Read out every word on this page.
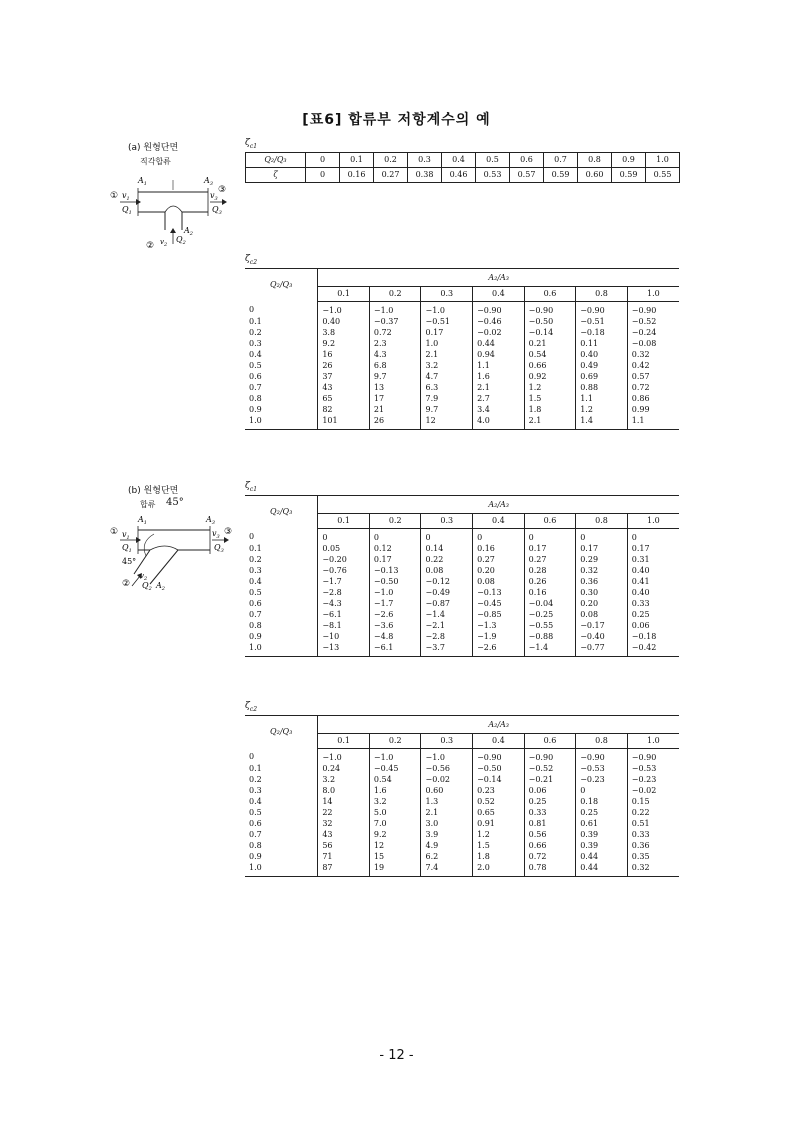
[표6] 합류부 저항계수의 예
(a) 원형단면
직각합류
$A_1$	$A_3$
① $v_1$
$Q_1$
$v_3$
③
$Q_3$
$A_2$
② $v_2$
$Q_2$
$\zeta_{c1}$
Q₂/Q₃	0	0.1	0.2	0.3	0.4	0.5	0.6	0.7	0.8	0.9	1.0
ζ	0	0.16	0.27	0.38	0.46	0.53	0.57	0.59	0.60	0.59	0.55
$\zeta_{c2}$
Q₂/Q₃	A₂/A₃						
	0.1	0.2	0.3	0.4	0.6	0.8	1.0
0	−1.0	−1.0	−1.0	−0.90	−0.90	−0.90	−0.90
0.1	0.40	−0.37	−0.51	−0.46	−0.50	−0.51	−0.52
0.2	3.8	0.72	0.17	−0.02	−0.14	−0.18	−0.24
0.3	9.2	2.3	1.0	0.44	0.21	0.11	−0.08
0.4	16	4.3	2.1	0.94	0.54	0.40	0.32
0.5	26	6.8	3.2	1.1	0.66	0.49	0.42
0.6	37	9.7	4.7	1.6	0.92	0.69	0.57
0.7	43	13	6.3	2.1	1.2	0.88	0.72
0.8	65	17	7.9	2.7	1.5	1.1	0.86
0.9	82	21	9.7	3.4	1.8	1.2	0.99
1.0	101	26	12	4.0	2.1	1.4	1.1
(b) 원형단면
합류 45°
$A_1$	$A_3$
① $v_1$
$Q_1$
$v_3$ ③
$Q_3$
45°
$v_2$
② $Q_2$ $A_2$
$\zeta_{c1}$
Q₂/Q₃	A₂/A₃						
	0.1	0.2	0.3	0.4	0.6	0.8	1.0
0	0	0	0	0	0	0	0
0.1	0.05	0.12	0.14	0.16	0.17	0.17	0.17
0.2	−0.20	0.17	0.22	0.27	0.27	0.29	0.31
0.3	−0.76	−0.13	0.08	0.20	0.28	0.32	0.40
0.4	−1.7	−0.50	−0.12	0.08	0.26	0.36	0.41
0.5	−2.8	−1.0	−0.49	−0.13	0.16	0.30	0.40
0.6	−4.3	−1.7	−0.87	−0.45	−0.04	0.20	0.33
0.7	−6.1	−2.6	−1.4	−0.85	−0.25	0.08	0.25
0.8	−8.1	−3.6	−2.1	−1.3	−0.55	−0.17	0.06
0.9	−10	−4.8	−2.8	−1.9	−0.88	−0.40	−0.18
1.0	−13	−6.1	−3.7	−2.6	−1.4	−0.77	−0.42
$\zeta_{c2}$
Q₂/Q₃	A₂/A₃						
	0.1	0.2	0.3	0.4	0.6	0.8	1.0
0	−1.0	−1.0	−1.0	−0.90	−0.90	−0.90	−0.90
0.1	0.24	−0.45	−0.56	−0.50	−0.52	−0.53	−0.53
0.2	3.2	0.54	−0.02	−0.14	−0.21	−0.23	−0.23
0.3	8.0	1.6	0.60	0.23	0.06	0	−0.02
0.4	14	3.2	1.3	0.52	0.25	0.18	0.15
0.5	22	5.0	2.1	0.65	0.33	0.25	0.22
0.6	32	7.0	3.0	0.91	0.81	0.61	0.51
0.7	43	9.2	3.9	1.2	0.56	0.39	0.33
0.8	56	12	4.9	1.5	0.66	0.39	0.36
0.9	71	15	6.2	1.8	0.72	0.44	0.35
1.0	87	19	7.4	2.0	0.78	0.44	0.32
- 12 -
